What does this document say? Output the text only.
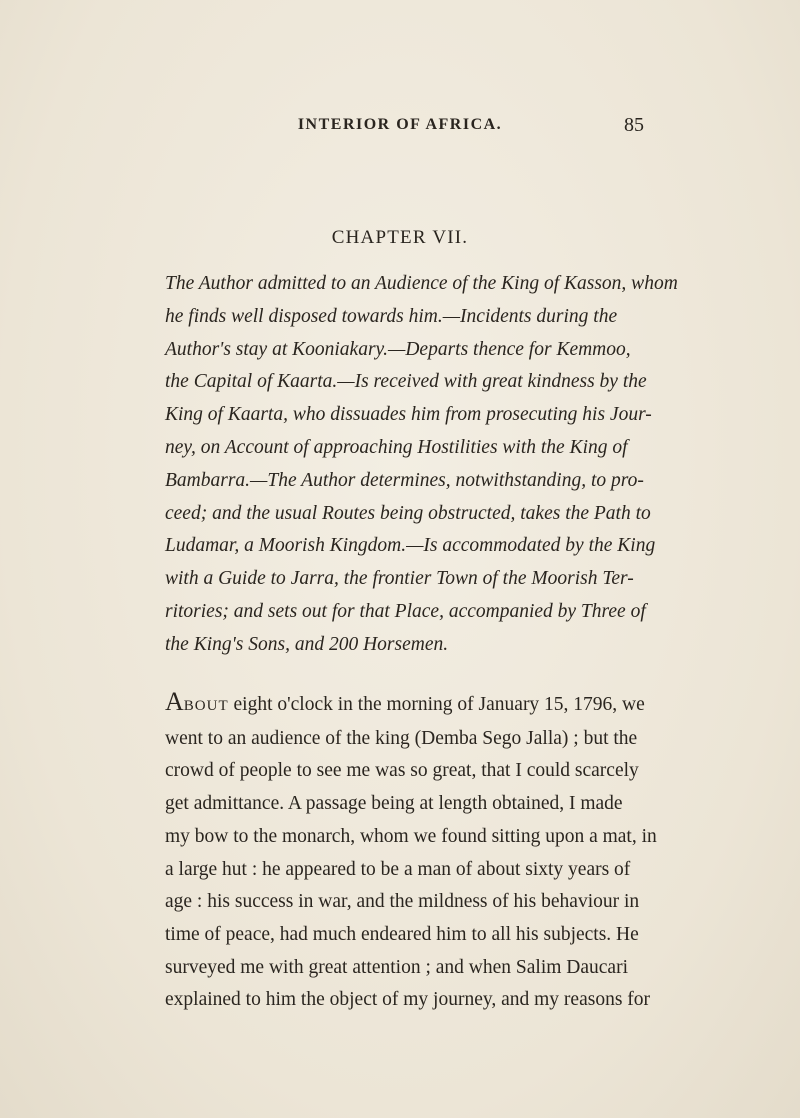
INTERIOR OF AFRICA.	85
CHAPTER VII.

The Author admitted to an Audience of the King of Kasson, whom
he finds well disposed towards him.—Incidents during the
Author's stay at Kooniakary.—Departs thence for Kemmoo,
the Capital of Kaarta.—Is received with great kindness by the
King of Kaarta, who dissuades him from prosecuting his Jour-
ney, on Account of approaching Hostilities with the King of
Bambarra.—The Author determines, notwithstanding, to pro-
ceed; and the usual Routes being obstructed, takes the Path to
Ludamar, a Moorish Kingdom.—Is accommodated by the King
with a Guide to Jarra, the frontier Town of the Moorish Ter-
ritories; and sets out for that Place, accompanied by Three of
the King's Sons, and 200 Horsemen.

ABOUT eight o'clock in the morning of January 15, 1796, we
went to an audience of the king (Demba Sego Jalla) ; but the
crowd of people to see me was so great, that I could scarcely
get admittance. A passage being at length obtained, I made
my bow to the monarch, whom we found sitting upon a mat, in
a large hut : he appeared to be a man of about sixty years of
age : his success in war, and the mildness of his behaviour in
time of peace, had much endeared him to all his subjects. He
surveyed me with great attention ; and when Salim Daucari
explained to him the object of my journey, and my reasons for
